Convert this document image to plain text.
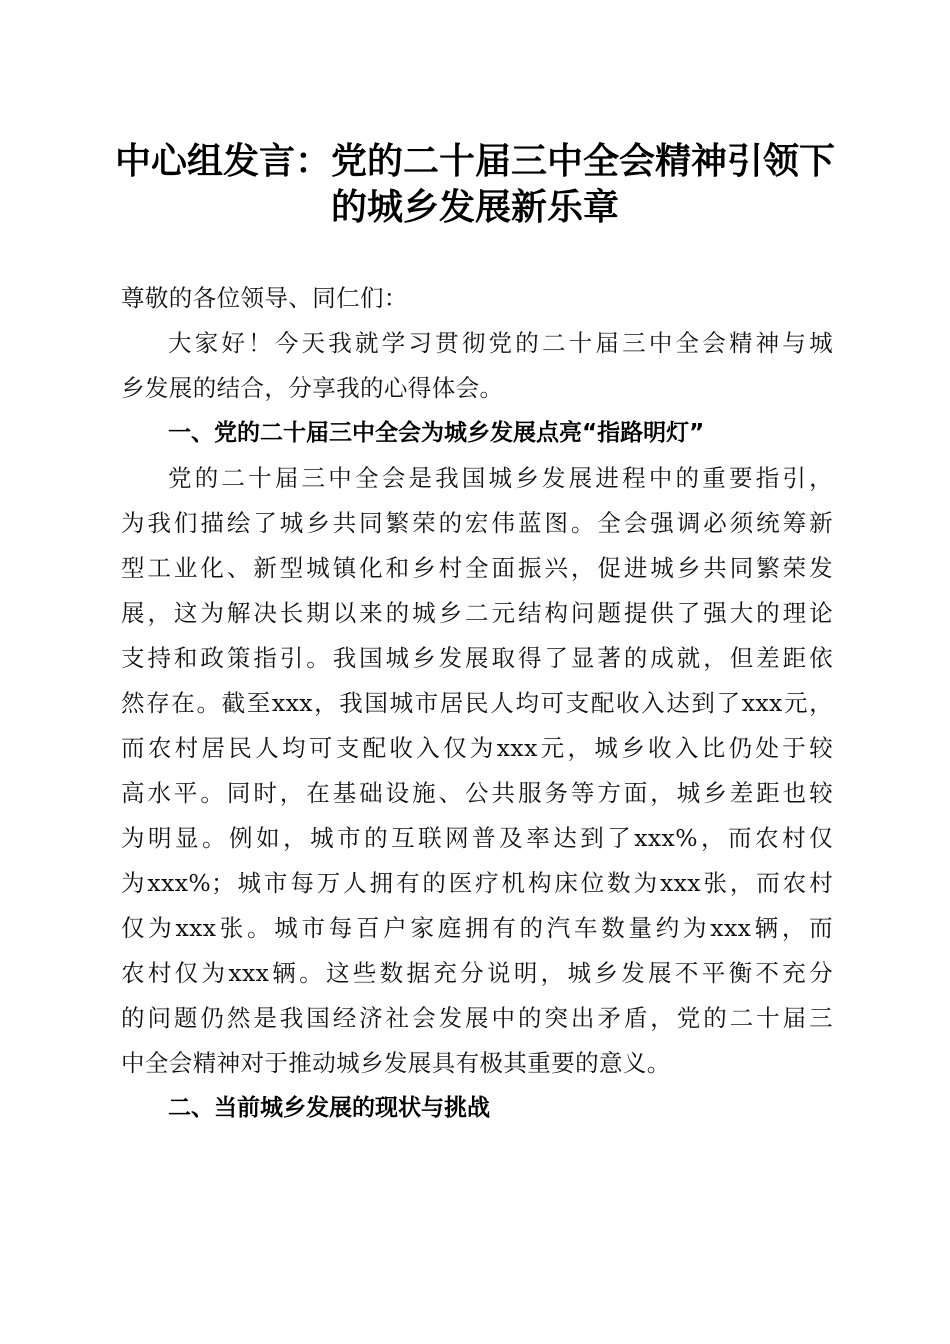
中心组发言：党的二十届三中全会精神引领下
的城乡发展新乐章
尊敬的各位领导、同仁们：
大家好！今天我就学习贯彻党的二十届三中全会精神与城
乡发展的结合，分享我的心得体会。
一、党的二十届三中全会为城乡发展点亮“指路明灯”
党的二十届三中全会是我国城乡发展进程中的重要指引，
为我们描绘了城乡共同繁荣的宏伟蓝图。全会强调必须统筹新
型工业化、新型城镇化和乡村全面振兴，促进城乡共同繁荣发
展，这为解决长期以来的城乡二元结构问题提供了强大的理论
支持和政策指引。我国城乡发展取得了显著的成就，但差距依
然存在。截至xxx，我国城市居民人均可支配收入达到了xxx元，
而农村居民人均可支配收入仅为xxx元，城乡收入比仍处于较
高水平。同时，在基础设施、公共服务等方面，城乡差距也较
为明显。例如，城市的互联网普及率达到了xxx%，而农村仅
为xxx%；城市每万人拥有的医疗机构床位数为xxx张，而农村
仅为xxx张。城市每百户家庭拥有的汽车数量约为xxx辆，而
农村仅为xxx辆。这些数据充分说明，城乡发展不平衡不充分
的问题仍然是我国经济社会发展中的突出矛盾，党的二十届三
中全会精神对于推动城乡发展具有极其重要的意义。
二、当前城乡发展的现状与挑战
